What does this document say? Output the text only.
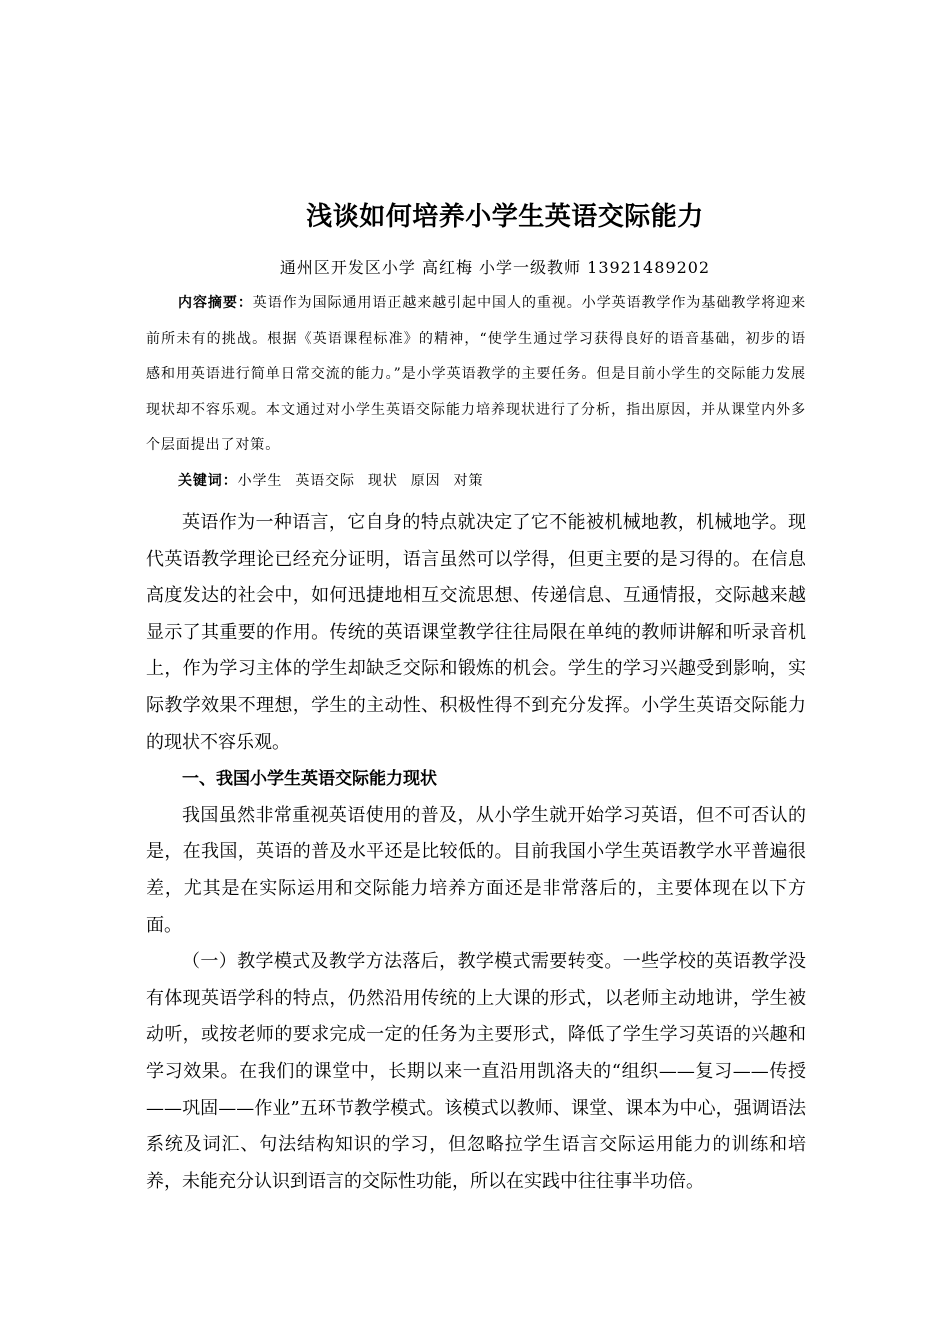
浅谈如何培养小学生英语交际能力
通州区开发区小学 高红梅 小学一级教师 13921489202
内容摘要：英语作为国际通用语正越来越引起中国人的重视。小学英语教学作为基础教学将迎来前所未有的挑战。根据《英语课程标准》的精神，“使学生通过学习获得良好的语音基础，初步的语感和用英语进行简单日常交流的能力。”是小学英语教学的主要任务。但是目前小学生的交际能力发展现状却不容乐观。本文通过对小学生英语交际能力培养现状进行了分析，指出原因，并从课堂内外多个层面提出了对策。
关键词：小学生 英语交际 现状 原因 对策

英语作为一种语言，它自身的特点就决定了它不能被机械地教，机械地学。现代英语教学理论已经充分证明，语言虽然可以学得，但更主要的是习得的。在信息高度发达的社会中，如何迅捷地相互交流思想、传递信息、互通情报，交际越来越显示了其重要的作用。传统的英语课堂教学往往局限在单纯的教师讲解和听录音机上，作为学习主体的学生却缺乏交际和锻炼的机会。学生的学习兴趣受到影响，实际教学效果不理想，学生的主动性、积极性得不到充分发挥。小学生英语交际能力的现状不容乐观。

一、我国小学生英语交际能力现状

我国虽然非常重视英语使用的普及，从小学生就开始学习英语，但不可否认的是，在我国，英语的普及水平还是比较低的。目前我国小学生英语教学水平普遍很差，尤其是在实际运用和交际能力培养方面还是非常落后的，主要体现在以下方面。

（一）教学模式及教学方法落后，教学模式需要转变。一些学校的英语教学没有体现英语学科的特点，仍然沿用传统的上大课的形式，以老师主动地讲，学生被动听，或按老师的要求完成一定的任务为主要形式，降低了学生学习英语的兴趣和学习效果。在我们的课堂中，长期以来一直沿用凯洛夫的“组织——复习——传授——巩固——作业”五环节教学模式。该模式以教师、课堂、课本为中心，强调语法系统及词汇、句法结构知识的学习，但忽略拉学生语言交际运用能力的训练和培养，未能充分认识到语言的交际性功能，所以在实践中往往事半功倍。
